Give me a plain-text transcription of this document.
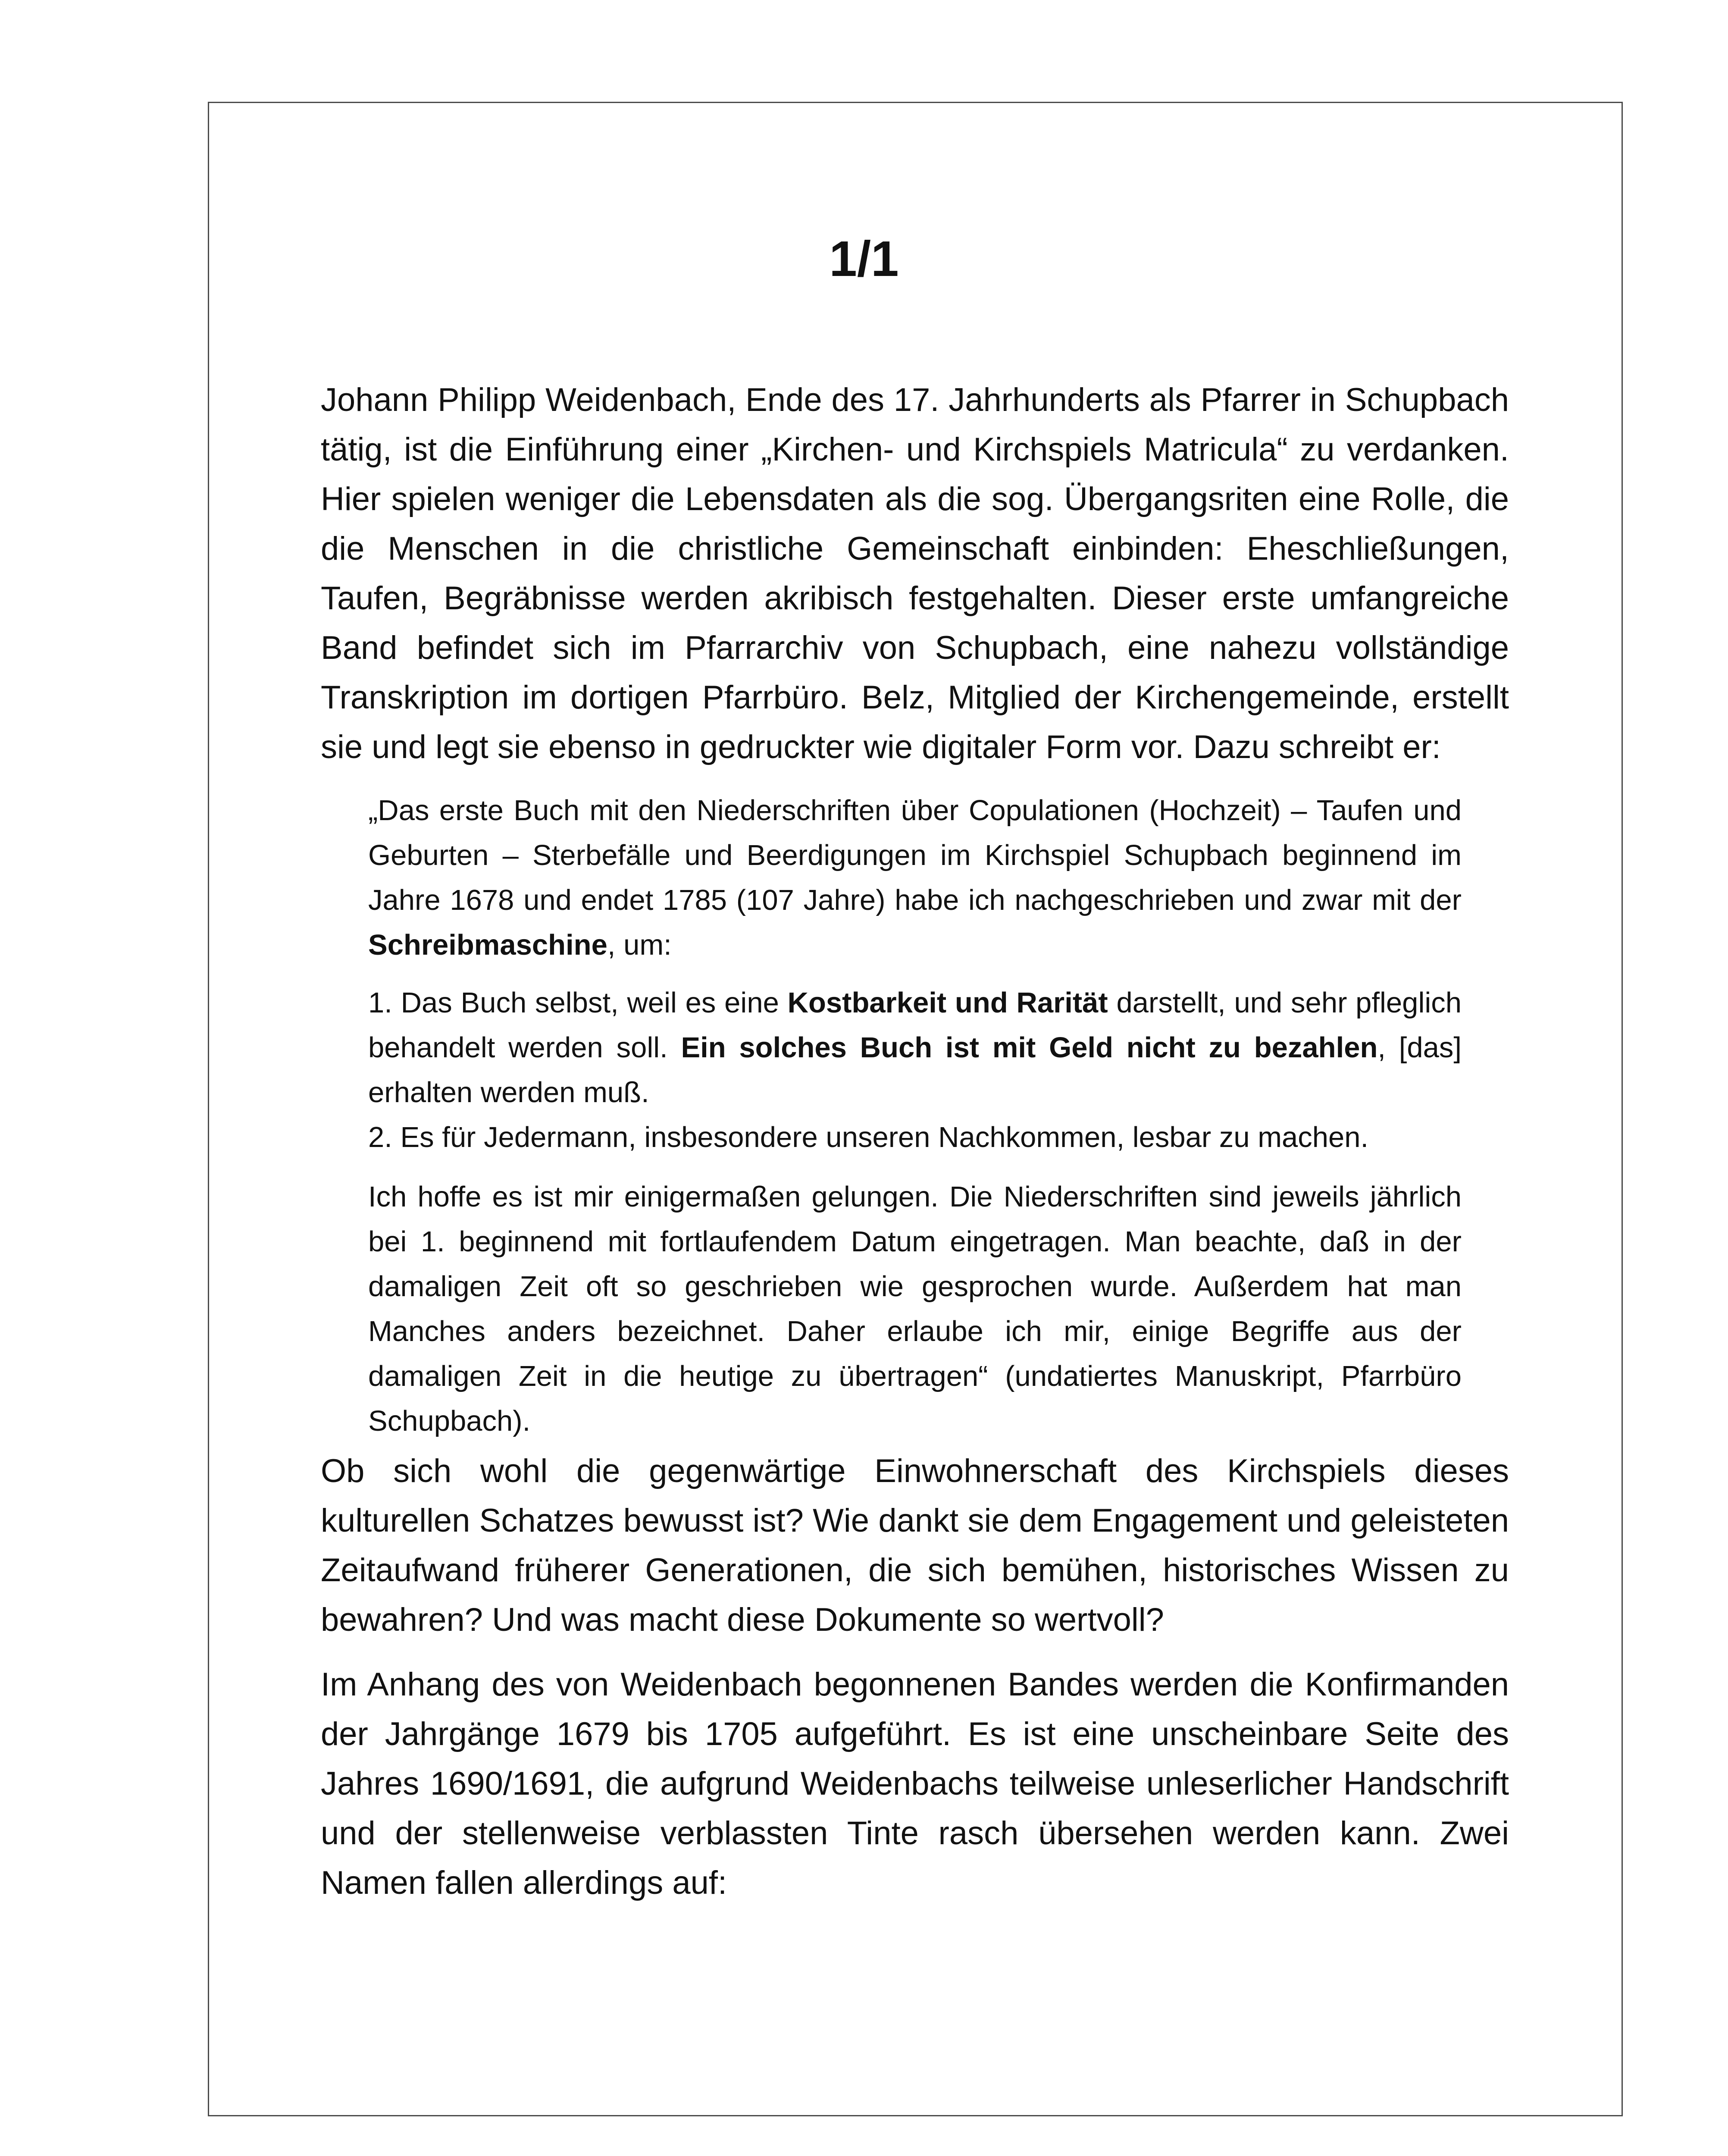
1/1

Johann Philipp Weidenbach, Ende des 17. Jahrhunderts als Pfarrer in Schupbach tätig, ist die Einführung einer „Kirchen- und Kirchspiels Matricula“ zu verdanken. Hier spielen weniger die Lebensdaten als die sog. Übergangsriten eine Rolle, die die Menschen in die christliche Gemeinschaft einbinden: Eheschließungen, Taufen, Begräbnisse werden akribisch festgehalten. Dieser erste umfangreiche Band befindet sich im Pfarrarchiv von Schupbach, eine nahezu vollständige Transkription im dortigen Pfarrbüro. Belz, Mitglied der Kirchengemeinde, erstellt sie und legt sie ebenso in gedruckter wie digitaler Form vor. Dazu schreibt er:

„Das erste Buch mit den Niederschriften über Copulationen (Hochzeit) – Taufen und Geburten – Sterbefälle und Beerdigungen im Kirchspiel Schupbach beginnend im Jahre 1678 und endet 1785 (107 Jahre) habe ich nachgeschrieben und zwar mit der Schreibmaschine, um:

1. Das Buch selbst, weil es eine Kostbarkeit und Rarität darstellt, und sehr pfleglich behandelt werden soll. Ein solches Buch ist mit Geld nicht zu bezahlen, [das] erhalten werden muß.

2. Es für Jedermann, insbesondere unseren Nachkommen, lesbar zu machen.

Ich hoffe es ist mir einigermaßen gelungen. Die Niederschriften sind jeweils jährlich bei 1. beginnend mit fortlaufendem Datum eingetragen. Man beachte, daß in der damaligen Zeit oft so geschrieben wie gesprochen wurde. Außerdem hat man Manches anders bezeichnet. Daher erlaube ich mir, einige Begriffe aus der damaligen Zeit in die heutige zu übertragen“ (undatiertes Manuskript, Pfarrbüro Schupbach).

Ob sich wohl die gegenwärtige Einwohnerschaft des Kirchspiels dieses kulturellen Schatzes bewusst ist? Wie dankt sie dem Engagement und geleisteten Zeitaufwand früherer Generationen, die sich bemühen, historisches Wissen zu bewahren? Und was macht diese Dokumente so wertvoll?

Im Anhang des von Weidenbach begonnenen Bandes werden die Konfirmanden der Jahrgänge 1679 bis 1705 aufgeführt. Es ist eine unscheinbare Seite des Jahres 1690/1691, die aufgrund Weidenbachs teilweise unleserlicher Handschrift und der stellenweise verblassten Tinte rasch übersehen werden kann. Zwei Namen fallen allerdings auf:
